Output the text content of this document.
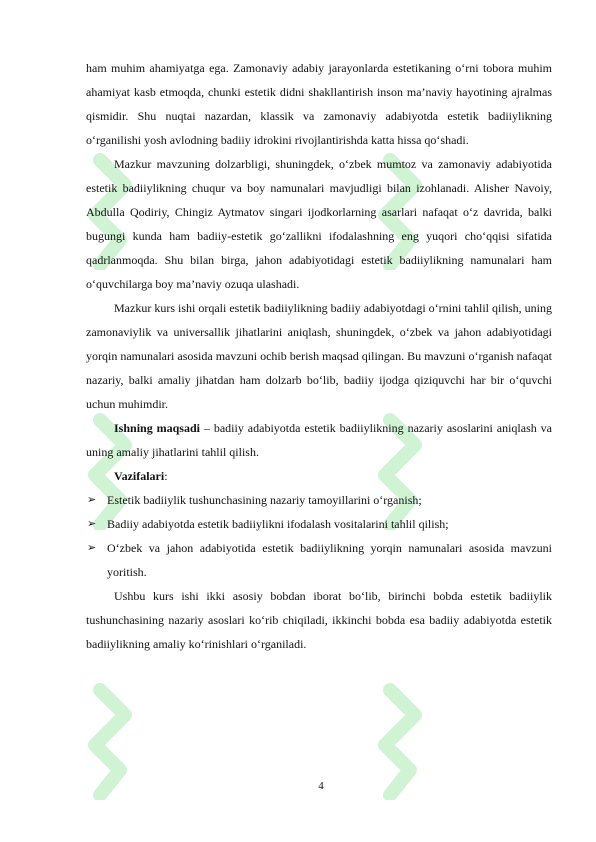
ham muhim ahamiyatga ega. Zamonaviy adabiy jarayonlarda estetikaning o‘rni tobora muhim ahamiyat kasb etmoqda, chunki estetik didni shakllantirish inson ma’naviy hayotining ajralmas qismidir. Shu nuqtai nazardan, klassik va zamonaviy adabiyotda estetik badiiylikning o‘rganilishi yosh avlodning badiiy idrokini rivojlantirishda katta hissa qo‘shadi.

Mazkur mavzuning dolzarbligi, shuningdek, o‘zbek mumtoz va zamonaviy adabiyotida estetik badiiylikning chuqur va boy namunalari mavjudligi bilan izohlanadi. Alisher Navoiy, Abdulla Qodiriy, Chingiz Aytmatov singari ijodkorlarning asarlari nafaqat o‘z davrida, balki bugungi kunda ham badiiy-estetik go‘zallikni ifodalashning eng yuqori cho‘qqisi sifatida qadrlanmoqda. Shu bilan birga, jahon adabiyotidagi estetik badiiylikning namunalari ham o‘quvchilarga boy ma’naviy ozuqa ulashadi.

Mazkur kurs ishi orqali estetik badiiylikning badiiy adabiyotdagi o‘rnini tahlil qilish, uning zamonaviylik va universallik jihatlarini aniqlash, shuningdek, o‘zbek va jahon adabiyotidagi yorqin namunalari asosida mavzuni ochib berish maqsad qilingan. Bu mavzuni o‘rganish nafaqat nazariy, balki amaliy jihatdan ham dolzarb bo‘lib, badiiy ijodga qiziquvchi har bir o‘quvchi uchun muhimdir.

Ishning maqsadi – badiiy adabiyotda estetik badiiylikning nazariy asoslarini aniqlash va uning amaliy jihatlarini tahlil qilish.

Vazifalari:

➢ Estetik badiiylik tushunchasining nazariy tamoyillarini o‘rganish;
➢ Badiiy adabiyotda estetik badiiylikni ifodalash vositalarini tahlil qilish;
➢ O‘zbek va jahon adabiyotida estetik badiiylikning yorqin namunalari asosida mavzuni yoritish.

Ushbu kurs ishi ikki asosiy bobdan iborat bo‘lib, birinchi bobda estetik badiiylik tushunchasining nazariy asoslari ko‘rib chiqiladi, ikkinchi bobda esa badiiy adabiyotda estetik badiiylikning amaliy ko‘rinishlari o‘rganiladi.

4
